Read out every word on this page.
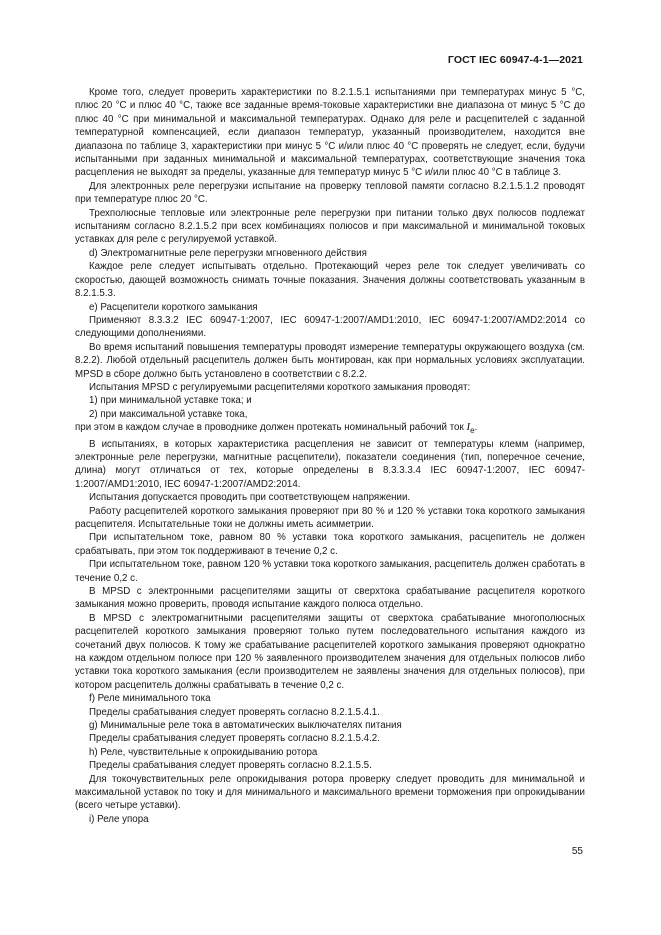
ГОСТ IEC 60947-4-1—2021

Кроме того, следует проверить характеристики по 8.2.1.5.1 испытаниями при температурах минус 5 °С, плюс 20 °С и плюс 40 °С, также все заданные время-токовые характеристики вне диапазона от минус 5 °С до плюс 40 °С при минимальной и максимальной температурах. Однако для реле и расцепителей с заданной температурной компенсацией, если диапазон температур, указанный производителем, находится вне диапазона по таблице 3, характеристики при минус 5 °С и/или плюс 40 °С проверять не следует, если, будучи испытанными при заданных минимальной и максимальной температурах, соответствующие значения тока расцепления не выходят за пределы, указанные для температур минус 5 °С и/или плюс 40 °С в таблице 3.

Для электронных реле перегрузки испытание на проверку тепловой памяти согласно 8.2.1.5.1.2 проводят при температуре плюс 20 °С.

Трехполюсные тепловые или электронные реле перегрузки при питании только двух полюсов подлежат испытаниям согласно 8.2.1.5.2 при всех комбинациях полюсов и при максимальной и минимальной токовых уставках для реле с регулируемой уставкой.

d) Электромагнитные реле перегрузки мгновенного действия

Каждое реле следует испытывать отдельно. Протекающий через реле ток следует увеличивать со скоростью, дающей возможность снимать точные показания. Значения должны соответствовать указанным в 8.2.1.5.3.

e) Расцепители короткого замыкания

Применяют 8.3.3.2 IEC 60947-1:2007, IEC 60947-1:2007/AMD1:2010, IEC 60947-1:2007/AMD2:2014 со следующими дополнениями.

Во время испытаний повышения температуры проводят измерение температуры окружающего воздуха (см. 8.2.2). Любой отдельный расцепитель должен быть монтирован, как при нормальных условиях эксплуатации. MPSD в сборе должно быть установлено в соответствии с 8.2.2.

Испытания MPSD с регулируемыми расцепителями короткого замыкания проводят:

1) при минимальной уставке тока; и

2) при максимальной уставке тока,

при этом в каждом случае в проводнике должен протекать номинальный рабочий ток $I_e$.

В испытаниях, в которых характеристика расцепления не зависит от температуры клемм (например, электронные реле перегрузки, магнитные расцепители), показатели соединения (тип, поперечное сечение, длина) могут отличаться от тех, которые определены в 8.3.3.3.4 IEC 60947-1:2007, IEC 60947-1:2007/AMD1:2010, IEC 60947-1:2007/AMD2:2014.

Испытания допускается проводить при соответствующем напряжении.

Работу расцепителей короткого замыкания проверяют при 80 % и 120 % уставки тока короткого замыкания расцепителя. Испытательные токи не должны иметь асимметрии.

При испытательном токе, равном 80 % уставки тока короткого замыкания, расцепитель не должен срабатывать, при этом ток поддерживают в течение 0,2 с.

При испытательном токе, равном 120 % уставки тока короткого замыкания, расцепитель должен сработать в течение 0,2 с.

В MPSD с электронными расцепителями защиты от сверхтока срабатывание расцепителя короткого замыкания можно проверить, проводя испытание каждого полюса отдельно.

В MPSD с электромагнитными расцепителями защиты от сверхтока срабатывание многополюсных расцепителей короткого замыкания проверяют только путем последовательного испытания каждого из сочетаний двух полюсов. К тому же срабатывание расцепителей короткого замыкания проверяют однократно на каждом отдельном полюсе при 120 % заявленного производителем значения для отдельных полюсов либо уставки тока короткого замыкания (если производителем не заявлены значения для отдельных полюсов), при котором расцепитель должны срабатывать в течение 0,2 с.

f) Реле минимального тока

Пределы срабатывания следует проверять согласно 8.2.1.5.4.1.

g) Минимальные реле тока в автоматических выключателях питания

Пределы срабатывания следует проверять согласно 8.2.1.5.4.2.

h) Реле, чувствительные к опрокидыванию ротора

Пределы срабатывания следует проверять согласно 8.2.1.5.5.

Для токочувствительных реле опрокидывания ротора проверку следует проводить для минимальной и максимальной уставок по току и для минимального и максимального времени торможения при опрокидывании (всего четыре уставки).

i) Реле упора

55
